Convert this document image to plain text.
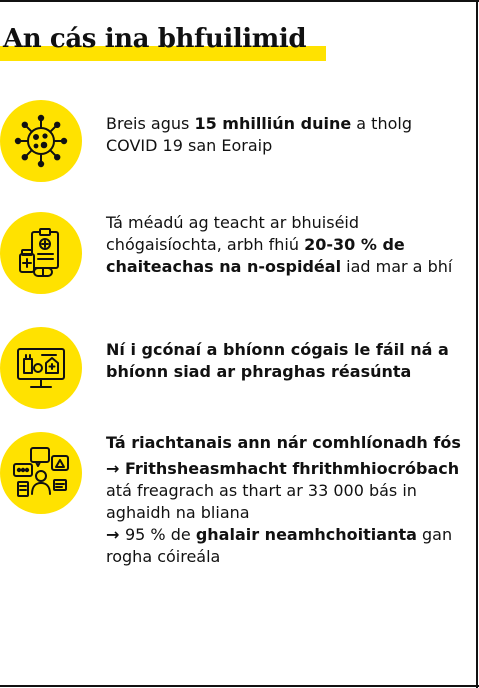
An cás ina bhfuilimid

Breis agus 15 mhilliún duine a tholg COVID 19 san Eoraip

Tá méadú ag teacht ar bhuiséid chógaisíochta, arbh fhiú 20-30 % de chaiteachas na n-ospidéal iad mar a bhí

Ní i gcónaí a bhíonn cógais le fáil ná a bhíonn siad ar phraghas réasúnta

Tá riachtanais ann nár comhlíonadh fós

→ Frithsheasmhacht fhrithmhiocróbach atá freagrach as thart ar 33 000 bás in aghaidh na bliana

→ 95 % de ghalair neamhchoitianta gan rogha cóireála
